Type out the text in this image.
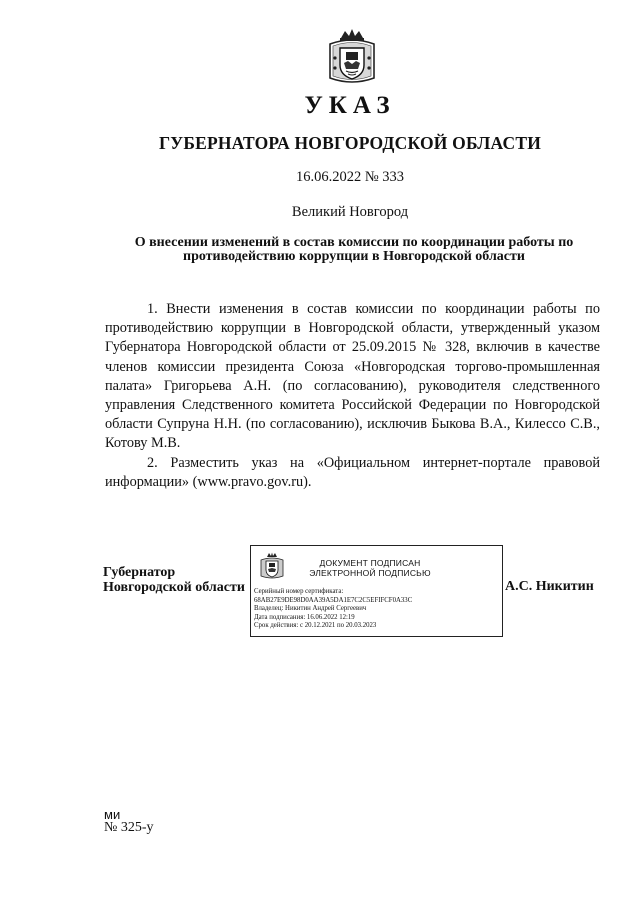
УКАЗ
ГУБЕРНАТОРА НОВГОРОДСКОЙ ОБЛАСТИ
16.06.2022 № 333
Великий Новгород
О внесении изменений в состав комиссии по координации работы по противодействию коррупции в Новгородской области

1. Внести изменения в состав комиссии по координации работы по противодействию коррупции в Новгородской области, утвержденный указом Губернатора Новгородской области от 25.09.2015 № 328, включив в качестве членов комиссии президента Союза «Новгородская торгово-промышленная палата» Григорьева А.Н. (по согласованию), руководителя следственного управления Следственного комитета Российской Федерации по Новгородской области Супруна Н.Н. (по согласованию), исключив Быкова В.А., Килессо С.В., Котову М.В.

2. Разместить указ на «Официальном интернет-портале правовой информации» (www.pravo.gov.ru).

Губернатор
Новгородской области
ДОКУМЕНТ ПОДПИСАН
ЭЛЕКТРОННОЙ ПОДПИСЬЮ
Серийный номер сертификата:
68AB27E9DE98D0AA39A5DA1E7C2C5EFIFCF0A33C
Владелец: Никитин Андрей Сергеевич
Дата подписания: 16.06.2022 12:19
Срок действия: с 20.12.2021 по 20.03.2023
А.С. Никитин
ми
№ 325-у
